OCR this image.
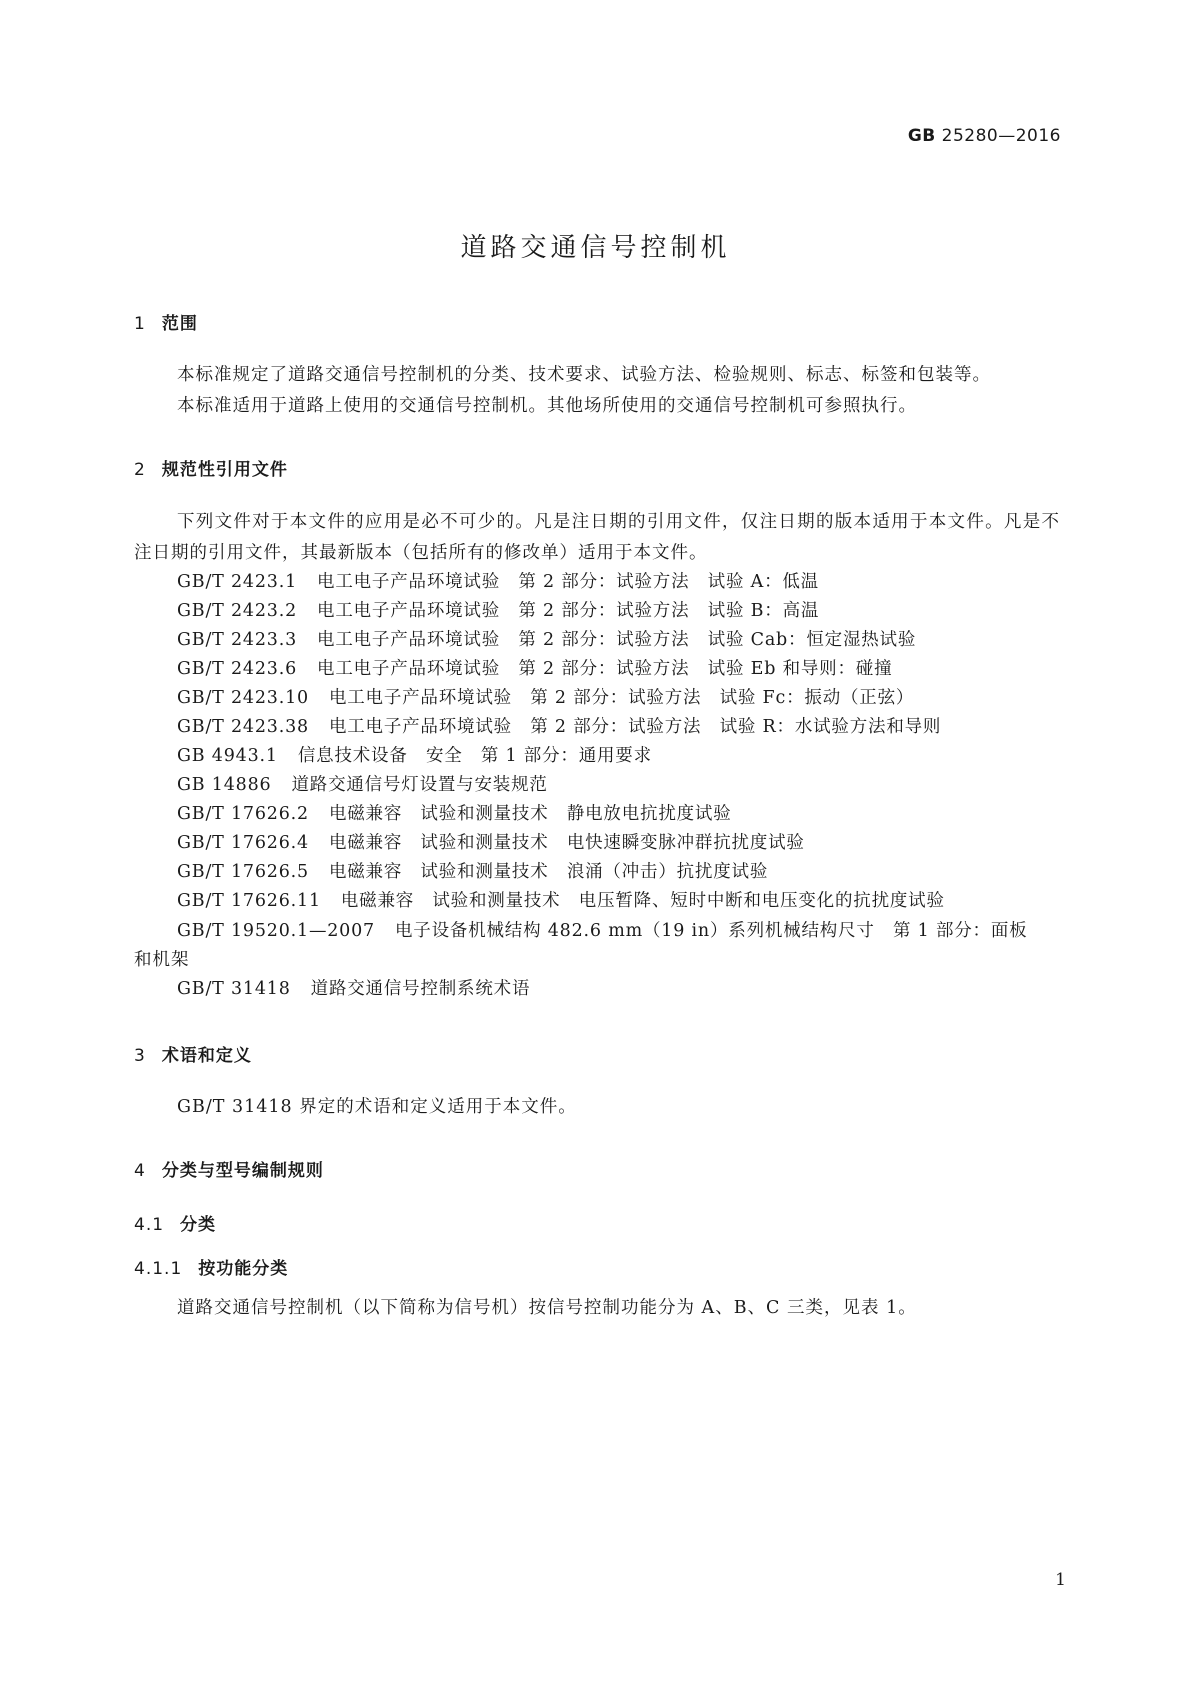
GB 25280—2016
道路交通信号控制机
1 范围
本标准规定了道路交通信号控制机的分类、技术要求、试验方法、检验规则、标志、标签和包装等。
本标准适用于道路上使用的交通信号控制机。其他场所使用的交通信号控制机可参照执行。
2 规范性引用文件
下列文件对于本文件的应用是必不可少的。凡是注日期的引用文件，仅注日期的版本适用于本文件。凡是不注日期的引用文件，其最新版本（包括所有的修改单）适用于本文件。
GB/T 2423.1 电工电子产品环境试验　第 2 部分：试验方法　试验 A：低温
GB/T 2423.2 电工电子产品环境试验　第 2 部分：试验方法　试验 B：高温
GB/T 2423.3 电工电子产品环境试验　第 2 部分：试验方法　试验 Cab：恒定湿热试验
GB/T 2423.6 电工电子产品环境试验　第 2 部分：试验方法　试验 Eb 和导则：碰撞
GB/T 2423.10 电工电子产品环境试验　第 2 部分：试验方法　试验 Fc：振动（正弦）
GB/T 2423.38 电工电子产品环境试验　第 2 部分：试验方法　试验 R：水试验方法和导则
GB 4943.1 信息技术设备　安全　第 1 部分：通用要求
GB 14886 道路交通信号灯设置与安装规范
GB/T 17626.2 电磁兼容　试验和测量技术　静电放电抗扰度试验
GB/T 17626.4 电磁兼容　试验和测量技术　电快速瞬变脉冲群抗扰度试验
GB/T 17626.5 电磁兼容　试验和测量技术　浪涌（冲击）抗扰度试验
GB/T 17626.11 电磁兼容　试验和测量技术　电压暂降、短时中断和电压变化的抗扰度试验
GB/T 19520.1—2007 电子设备机械结构 482.6 mm（19 in）系列机械结构尺寸　第 1 部分：面板
和机架
GB/T 31418 道路交通信号控制系统术语
3 术语和定义
GB/T 31418 界定的术语和定义适用于本文件。
4 分类与型号编制规则
4.1 分类
4.1.1 按功能分类
道路交通信号控制机（以下简称为信号机）按信号控制功能分为 A、B、C 三类，见表 1。
1
